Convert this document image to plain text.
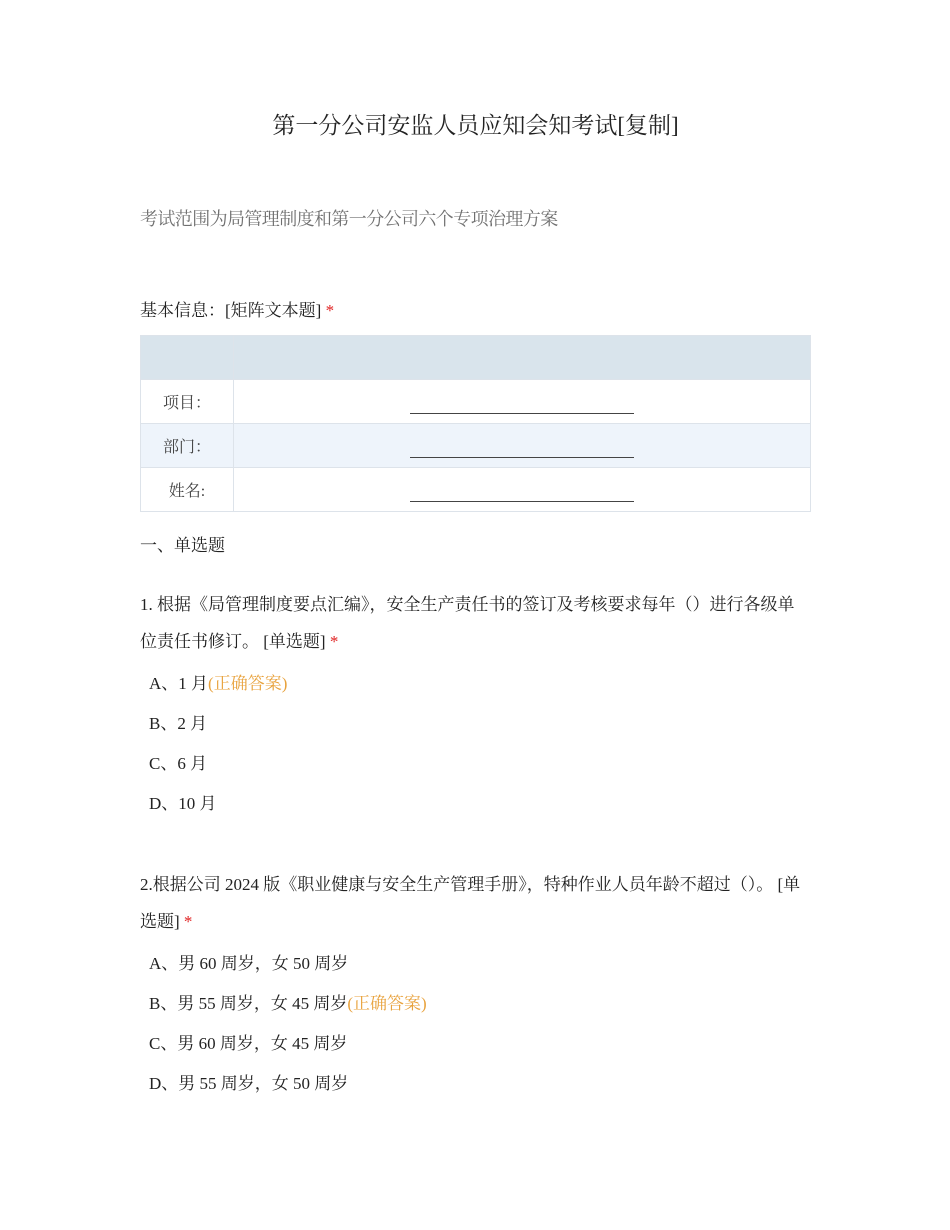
第一分公司安监人员应知会知考试[复制]
考试范围为局管理制度和第一分公司六个专项治理方案
基本信息：[矩阵文本题] *

项目：	
部门：	
姓名:	
一、单选题
1. 根据《局管理制度要点汇编》，安全生产责任书的签订及考核要求每年（）进行各级单位责任书修订。 [单选题] *
A、1 月(正确答案)
B、2 月
C、6 月
D、10 月
2.根据公司 2024 版《职业健康与安全生产管理手册》，特种作业人员年龄不超过（）。 [单选题] *
A、男 60 周岁，女 50 周岁
B、男 55 周岁，女 45 周岁(正确答案)
C、男 60 周岁，女 45 周岁
D、男 55 周岁，女 50 周岁
